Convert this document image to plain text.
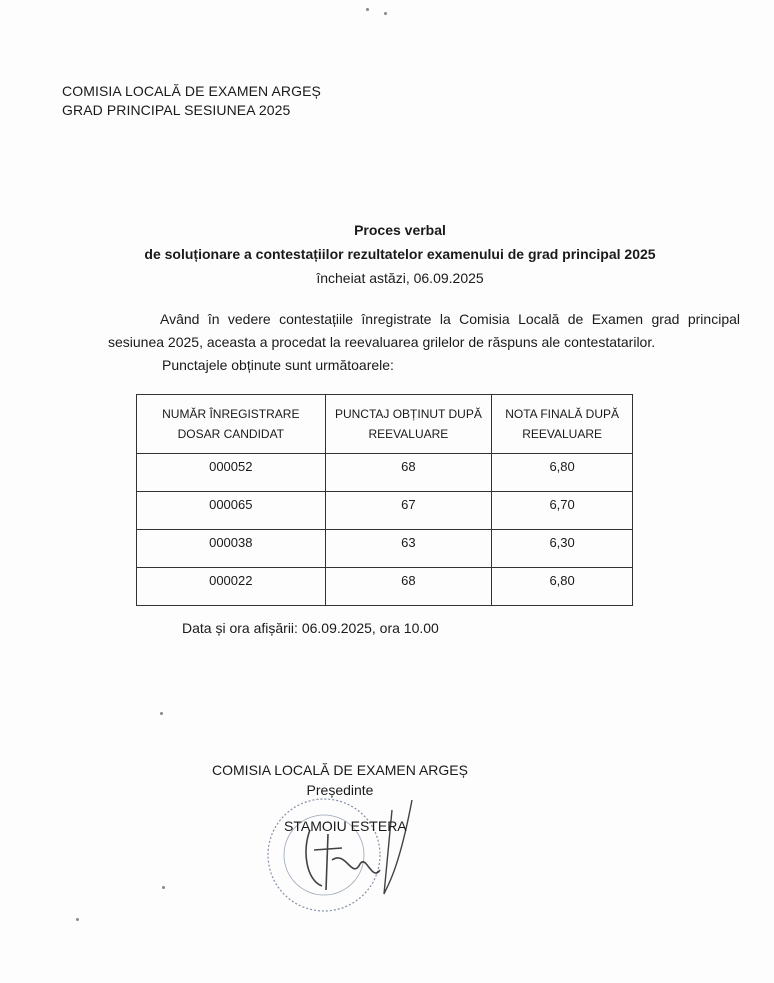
COMISIA LOCALĂ DE EXAMEN ARGEȘ
GRAD PRINCIPAL SESIUNEA 2025
Proces verbal
de soluționare a contestațiilor rezultatelor examenului de grad principal 2025
încheiat astăzi, 06.09.2025
Având în vedere contestațiile înregistrate la Comisia Locală de Examen grad principal sesiunea 2025, aceasta a procedat la reevaluarea grilelor de răspuns ale contestatarilor.
Punctajele obținute sunt următoarele:
NUMĂR ÎNREGISTRARE DOSAR CANDIDAT	PUNCTAJ OBȚINUT DUPĂ REEVALUARE	NOTA FINALĂ DUPĂ REEVALUARE
000052	68	6,80
000065	67	6,70
000038	63	6,30
000022	68	6,80
Data și ora afișării: 06.09.2025, ora 10.00
COMISIA LOCALĂ DE EXAMEN ARGEȘ
Președinte
STAMOIU ESTERA
